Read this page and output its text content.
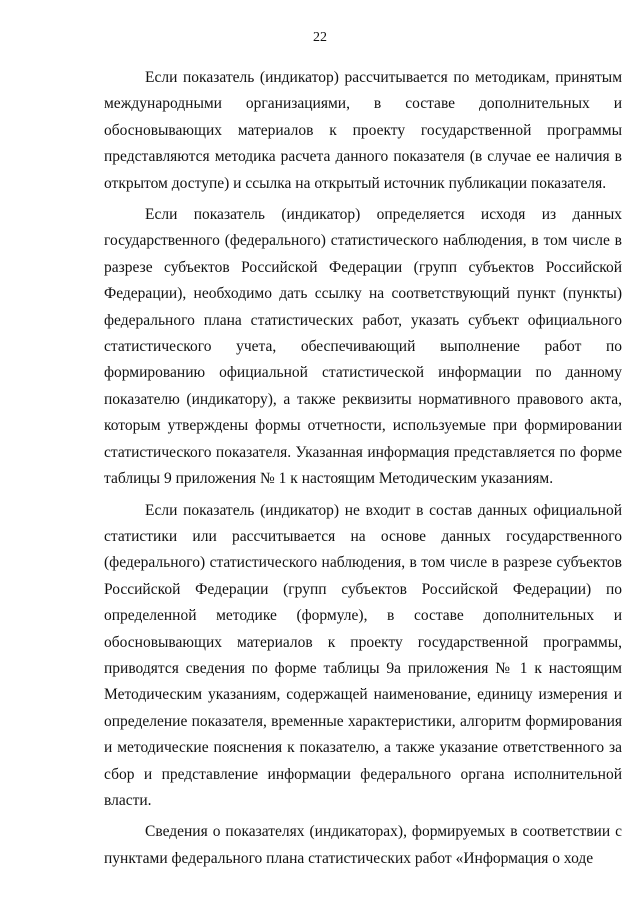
22

Если показатель (индикатор) рассчитывается по методикам, принятым международными организациями, в составе дополнительных и обосновывающих материалов к проекту государственной программы представляются методика расчета данного показателя (в случае ее наличия в открытом доступе) и ссылка на открытый источник публикации показателя.

Если показатель (индикатор) определяется исходя из данных государственного (федерального) статистического наблюдения, в том числе в разрезе субъектов Российской Федерации (групп субъектов Российской Федерации), необходимо дать ссылку на соответствующий пункт (пункты) федерального плана статистических работ, указать субъект официального статистического учета, обеспечивающий выполнение работ по формированию официальной статистической информации по данному показателю (индикатору), а также реквизиты нормативного правового акта, которым утверждены формы отчетности, используемые при формировании статистического показателя. Указанная информация представляется по форме таблицы 9 приложения № 1 к настоящим Методическим указаниям.

Если показатель (индикатор) не входит в состав данных официальной статистики или рассчитывается на основе данных государственного (федерального) статистического наблюдения, в том числе в разрезе субъектов Российской Федерации (групп субъектов Российской Федерации) по определенной методике (формуле), в составе дополнительных и обосновывающих материалов к проекту государственной программы, приводятся сведения по форме таблицы 9а приложения № 1 к настоящим Методическим указаниям, содержащей наименование, единицу измерения и определение показателя, временные характеристики, алгоритм формирования и методические пояснения к показателю, а также указание ответственного за сбор и представление информации федерального органа исполнительной власти.

Сведения о показателях (индикаторах), формируемых в соответствии с пунктами федерального плана статистических работ «Информация о ходе
